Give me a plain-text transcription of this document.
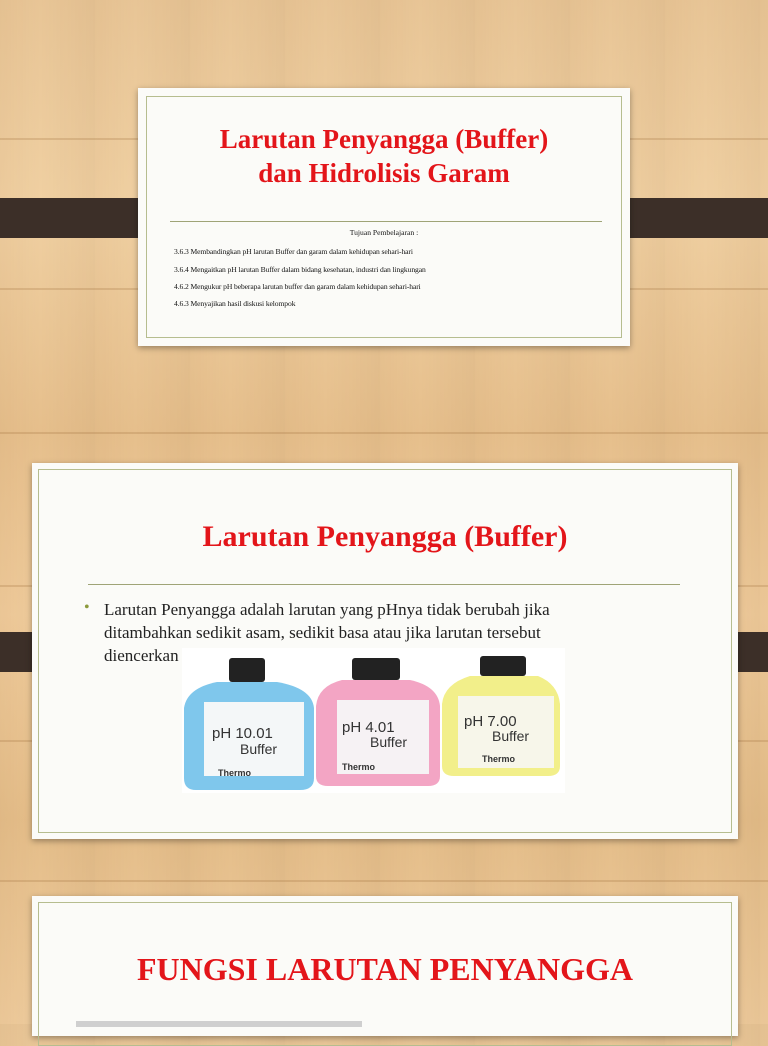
Larutan Penyangga (Buffer)
dan Hidrolisis Garam
Tujuan Pembelajaran :
3.6.3 Membandingkan pH larutan Buffer dan garam dalam kehidupan sehari-hari
3.6.4 Mengaitkan pH larutan Buffer dalam bidang kesehatan, industri dan lingkungan
4.6.2 Mengukur pH beberapa larutan buffer dan garam dalam kehidupan sehari-hari
4.6.3 Menyajikan hasil diskusi kelompok
Larutan Penyangga (Buffer)
• Larutan Penyangga adalah larutan yang pHnya tidak berubah jika
ditambahkan sedikit asam, sedikit basa atau jika larutan tersebut
diencerkan
pH 10.01
Buffer
Thermo
pH 4.01
Buffer
Thermo
pH 7.00
Buffer
Thermo
FUNGSI LARUTAN PENYANGGA
